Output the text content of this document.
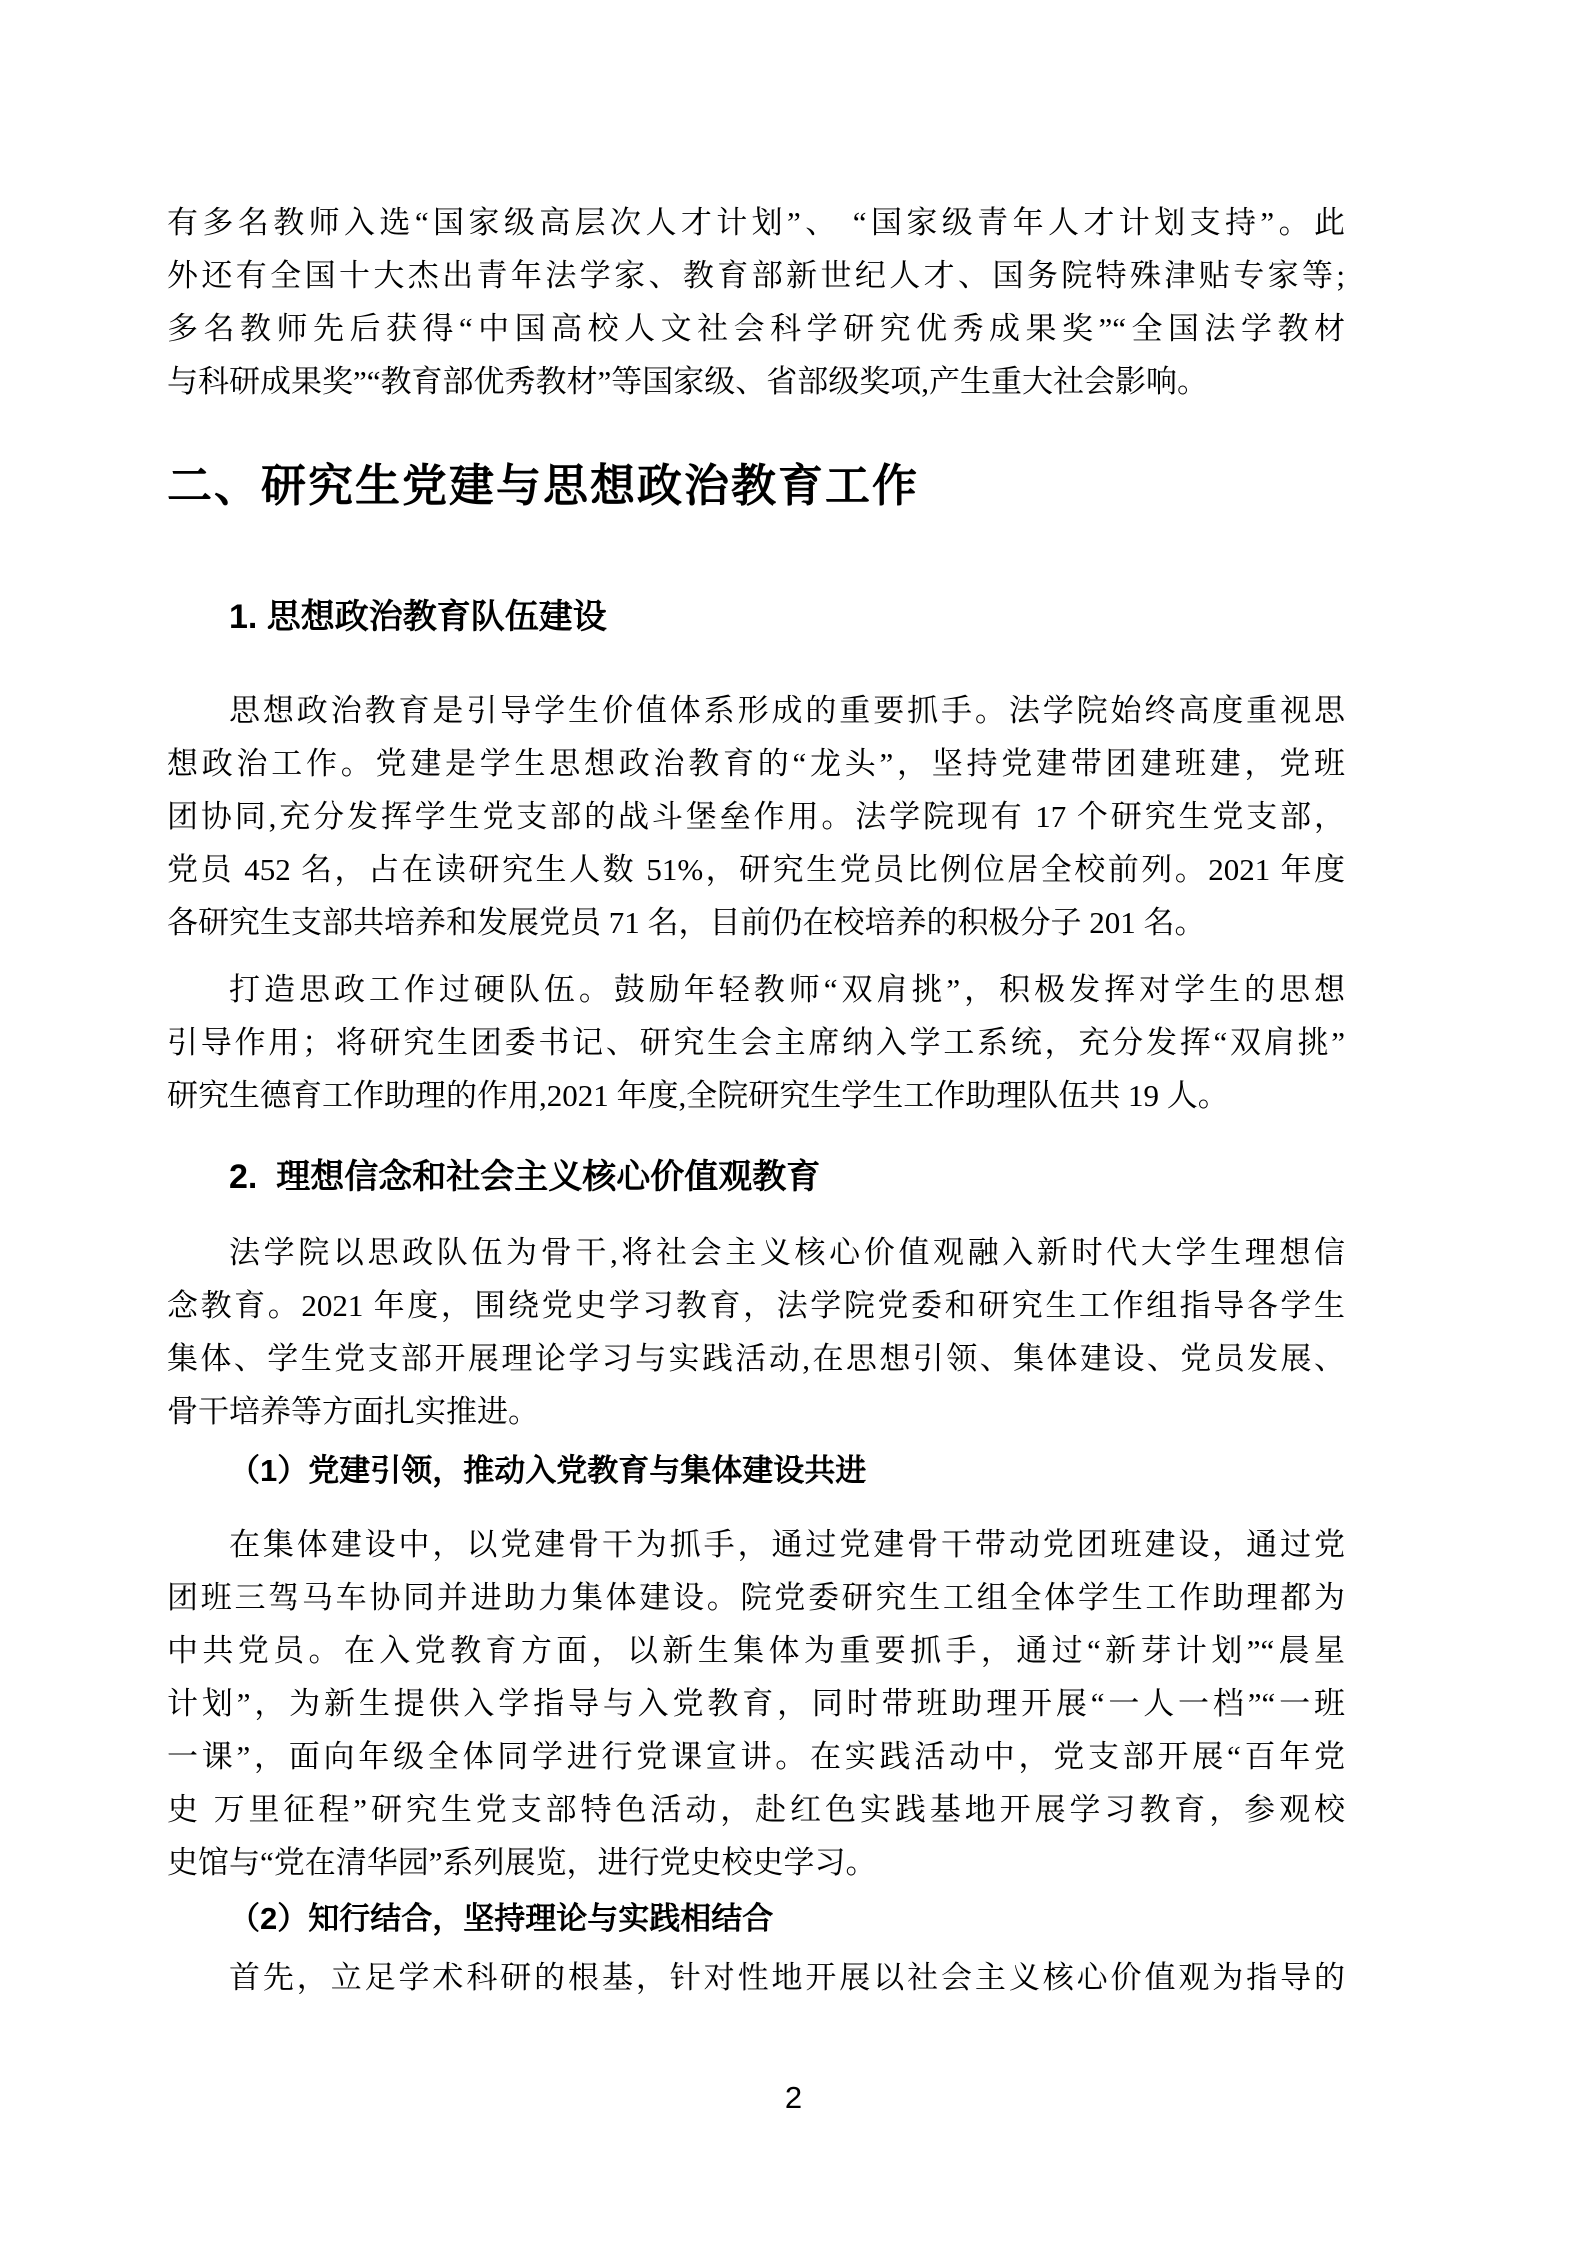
有多名教师入选“国家级高层次人才计划”、 “国家级青年人才计划支持”。此
外还有全国十大杰出青年法学家、教育部新世纪人才、国务院特殊津贴专家等;
多名教师先后获得“中国高校人文社会科学研究优秀成果奖”“全国法学教材
与科研成果奖”“教育部优秀教材”等国家级、省部级奖项,产生重大社会影响。
二、研究生党建与思想政治教育工作
1. 思想政治教育队伍建设
思想政治教育是引导学生价值体系形成的重要抓手。法学院始终高度重视思
想政治工作。党建是学生思想政治教育的“龙头”，坚持党建带团建班建，党班
团协同,充分发挥学生党支部的战斗堡垒作用。法学院现有 17 个研究生党支部，
党员 452 名，占在读研究生人数 51%，研究生党员比例位居全校前列。2021 年度
各研究生支部共培养和发展党员 71 名，目前仍在校培养的积极分子 201 名。
打造思政工作过硬队伍。鼓励年轻教师“双肩挑”，积极发挥对学生的思想
引导作用；将研究生团委书记、研究生会主席纳入学工系统，充分发挥“双肩挑”
研究生德育工作助理的作用,2021 年度,全院研究生学生工作助理队伍共 19 人。
2.  理想信念和社会主义核心价值观教育
法学院以思政队伍为骨干,将社会主义核心价值观融入新时代大学生理想信
念教育。2021 年度，围绕党史学习教育，法学院党委和研究生工作组指导各学生
集体、学生党支部开展理论学习与实践活动,在思想引领、集体建设、党员发展、
骨干培养等方面扎实推进。
（1）党建引领，推动入党教育与集体建设共进
在集体建设中，以党建骨干为抓手，通过党建骨干带动党团班建设，通过党
团班三驾马车协同并进助力集体建设。院党委研究生工组全体学生工作助理都为
中共党员。在入党教育方面，以新生集体为重要抓手，通过“新芽计划”“晨星
计划”，为新生提供入学指导与入党教育，同时带班助理开展“一人一档”“一班
一课”，面向年级全体同学进行党课宣讲。在实践活动中，党支部开展“百年党
史 万里征程”研究生党支部特色活动，赴红色实践基地开展学习教育，参观校
史馆与“党在清华园”系列展览，进行党史校史学习。
（2）知行结合，坚持理论与实践相结合
首先，立足学术科研的根基，针对性地开展以社会主义核心价值观为指导的
2
